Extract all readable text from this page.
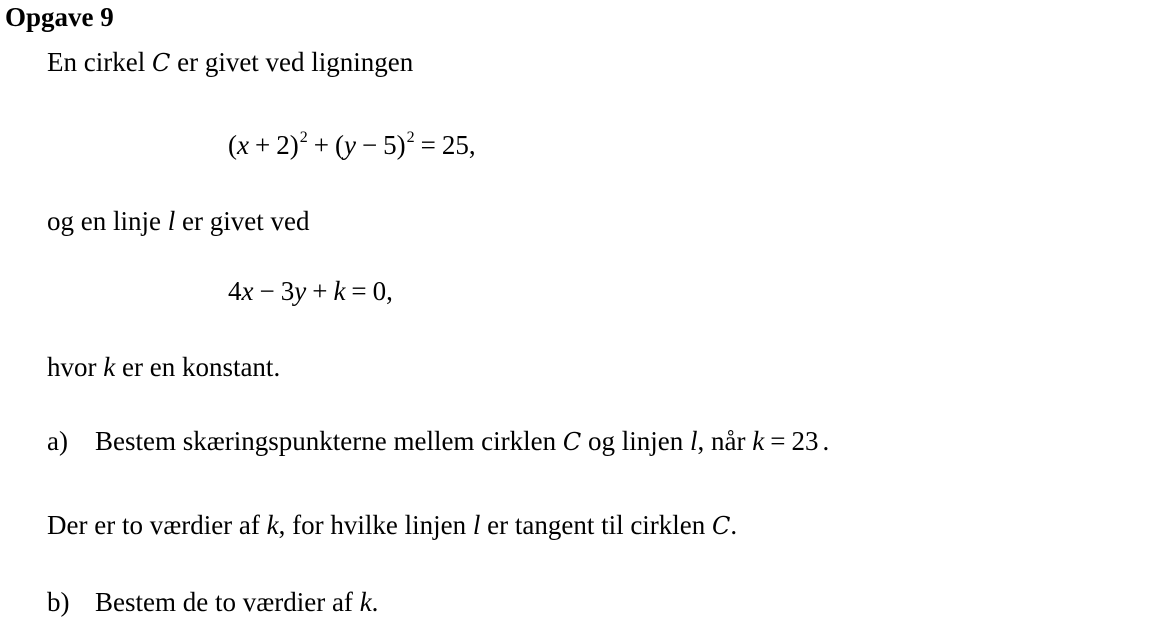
Opgave 9
En cirkel C er givet ved ligningen
$(x + 2)^2 + (y - 5)^2 = 25$,
og en linje l er givet ved
4x − 3y + k = 0,
hvor k er en konstant.
a) Bestem skæringspunkterne mellem cirklen C og linjen l, når k = 23 .
Der er to værdier af k, for hvilke linjen l er tangent til cirklen C.
b) Bestem de to værdier af k.
